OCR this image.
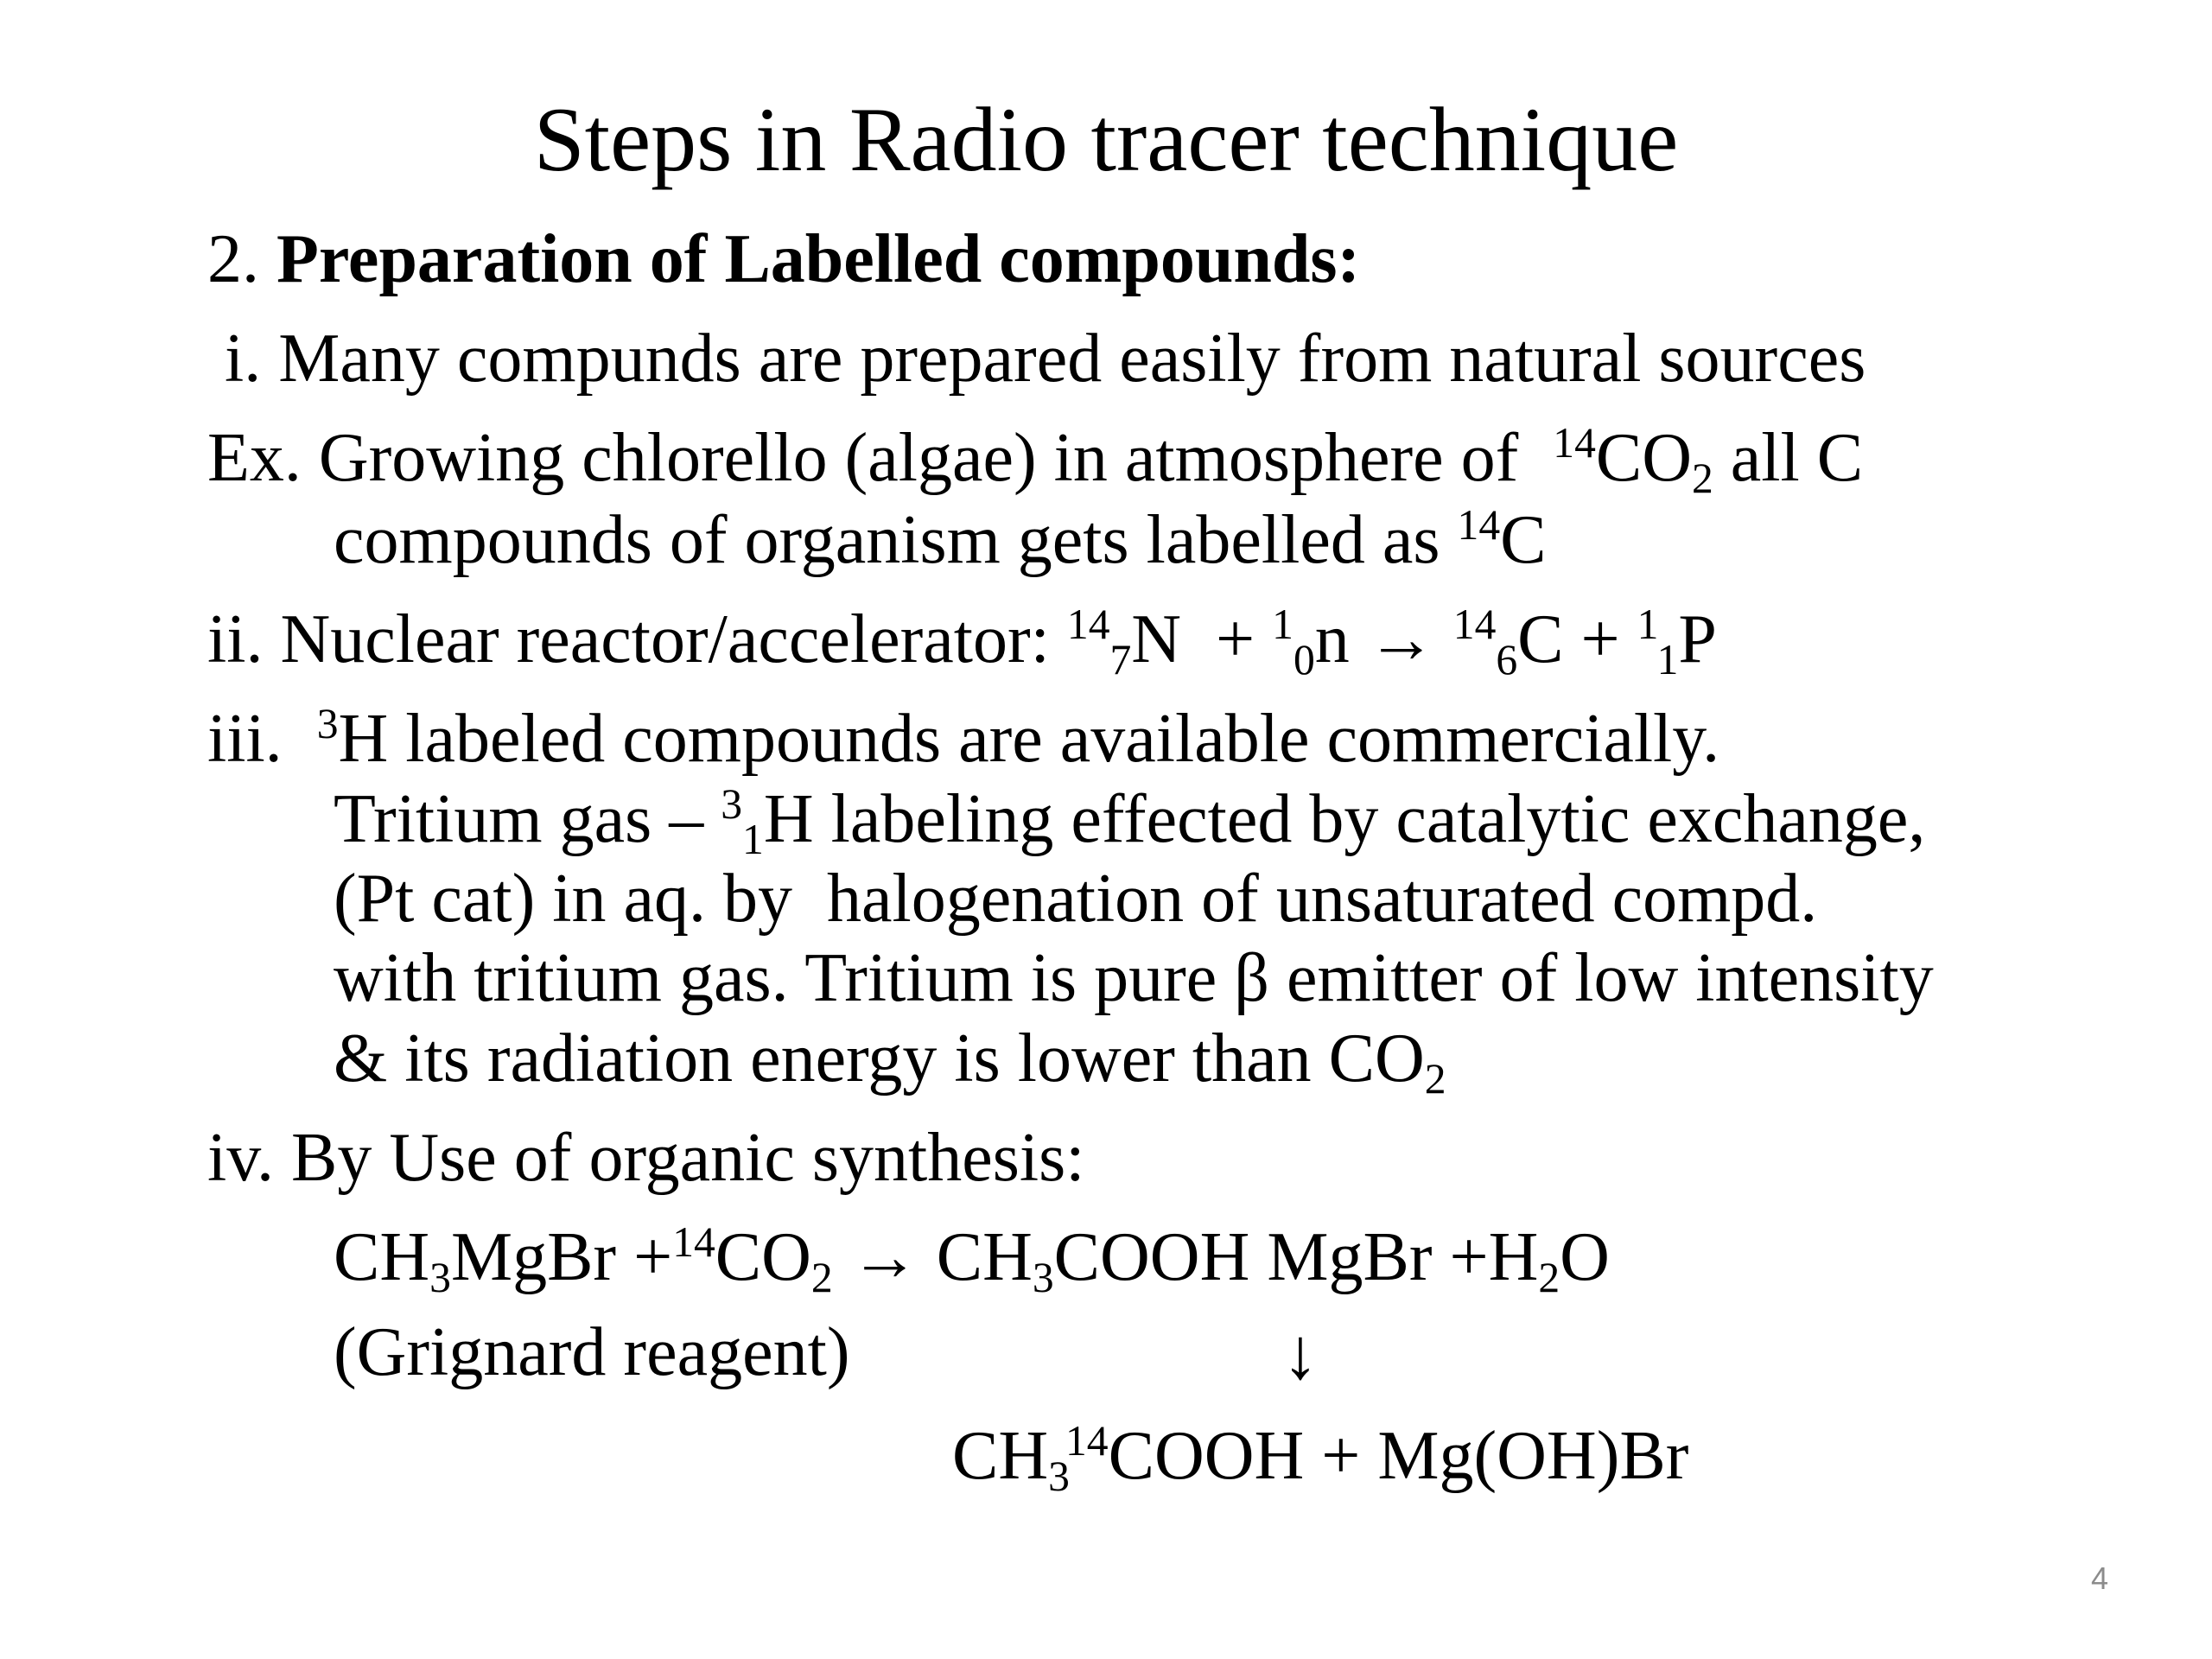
Steps in Radio tracer technique
2. Preparation of Labelled compounds:
i. Many compunds are prepared easily from natural sources
Ex. Growing chlorello (algae) in atmosphere of  $^{14}CO_2$ all C
compounds of organism gets labelled as $^{14}$C
ii. Nuclear reactor/accelerator: $^{14}_7$N  + $^1_0$n → $^{14}_6$C + $^1_1$P
iii.  $^3$H labeled compounds are available commercially.
Tritium gas – $^3_1$H labeling effected by catalytic exchange,
(Pt cat) in aq. by  halogenation of unsaturated compd.
with tritium gas. Tritium is pure β emitter of low intensity
& its radiation energy is lower than $CO_2$
iv. By Use of organic synthesis:
$CH_3MgBr +^{14}CO_2$ → $CH_3COOH$ MgBr $+H_2O$
(Grignard reagent)	↓
$CH_3^{14}COOH + Mg(OH)Br$
4
